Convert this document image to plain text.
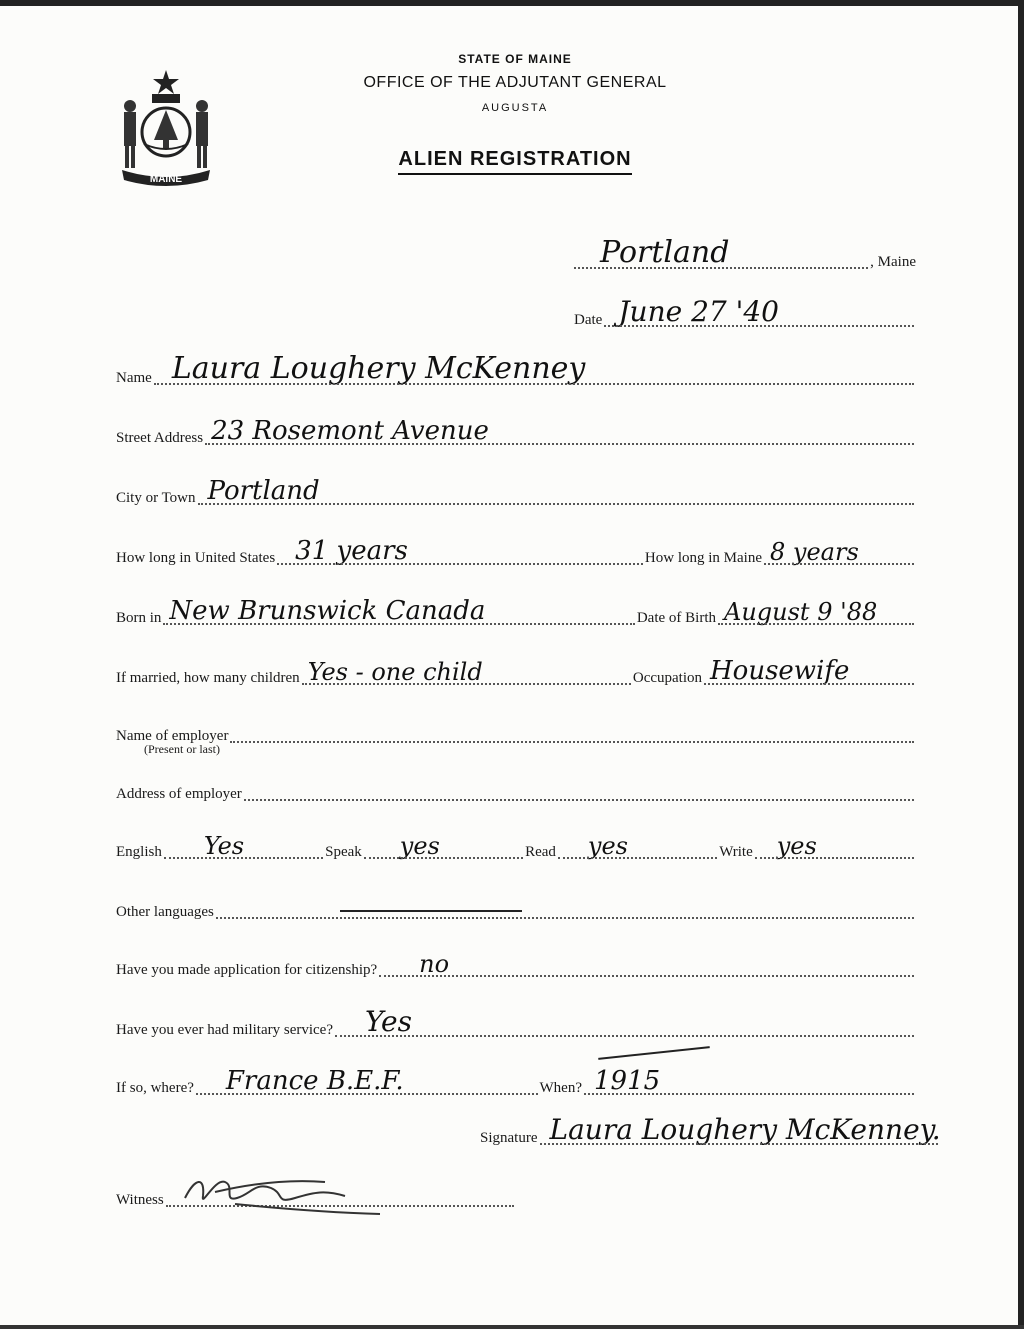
MAINE
STATE OF MAINE
OFFICE OF THE ADJUTANT GENERAL
AUGUSTA
ALIEN REGISTRATION
Portland	, Maine
Date June 27 '40
Name Laura Loughery McKenney
Street Address 23 Rosemont Avenue
City or Town Portland
How long in United States 31 years	How long in Maine 8 years
Born in New Brunswick Canada	Date of Birth August 9 '88
If married, how many children Yes - one child	Occupation Housewife
Name of employer
(Present or last)
Address of employer
English Yes	Speak yes	Read yes	Write yes
Other languages
Have you made application for citizenship? no
Have you ever had military service? Yes
If so, where? France B.E.F.	When? 1915
Signature Laura Loughery McKenney.
Witness
